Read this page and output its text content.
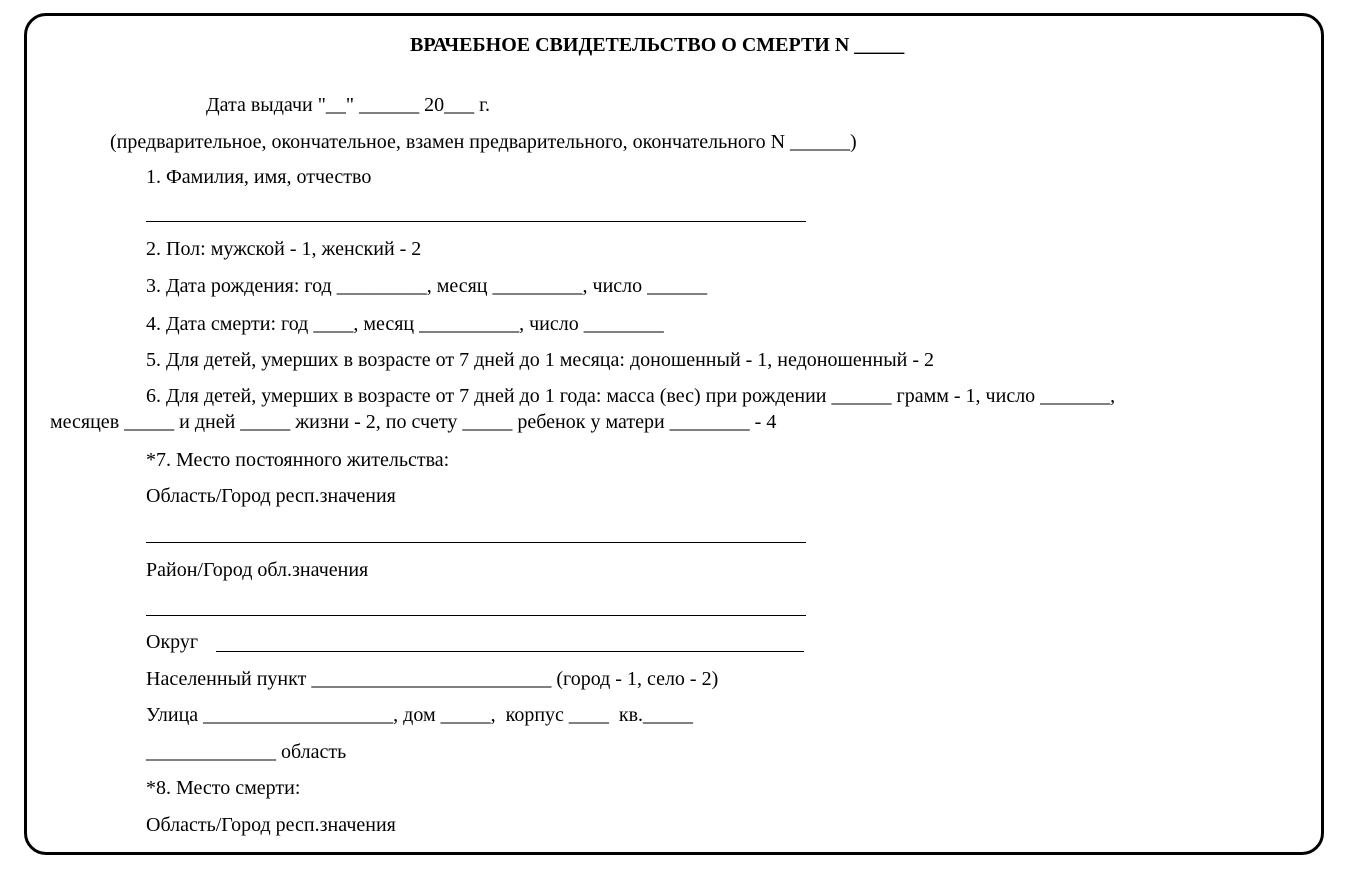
ВРАЧЕБНОЕ СВИДЕТЕЛЬСТВО О СМЕРТИ N _____
Дата выдачи "__" ______ 20___ г.
(предварительное, окончательное, взамен предварительного, окончательного N ______)
1. Фамилия, имя, отчество
2. Пол: мужской - 1, женский - 2
3. Дата рождения: год _________, месяц _________, число ______
4. Дата смерти: год ____, месяц __________, число ________
5. Для детей, умерших в возрасте от 7 дней до 1 месяца: доношенный - 1, недоношенный - 2
6. Для детей, умерших в возрасте от 7 дней до 1 года: масса (вес) при рождении ______ грамм - 1, число _______,
месяцев _____ и дней _____ жизни - 2, по счету _____ ребенок у матери ________ - 4
*7. Место постоянного жительства:
Область/Город респ.значения
Район/Город обл.значения
Округ
Населенный пункт ________________________ (город - 1, село - 2)
Улица ___________________, дом _____,  корпус ____  кв._____
_____________ область
*8. Место смерти:
Область/Город респ.значения
